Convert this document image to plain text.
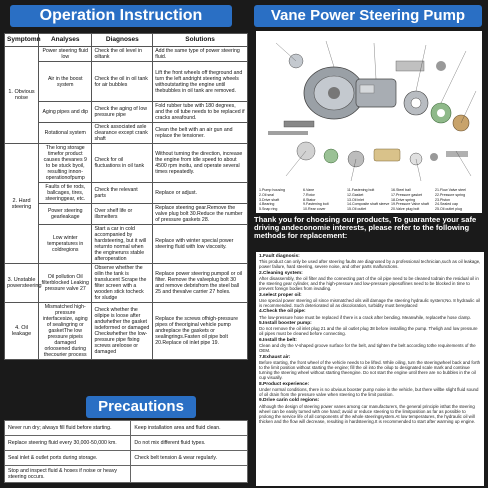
Operation Instruction	Vane Power Steering Pump
Symptomn	Analyses	Diagnoses	Solutions
1. Obvious noise	Power steering fluid low	Check the oil level in oiltank	Add the same type of power steering fluid.
	Air in the boost system	Check the oil in oil tank for air bubbles	Lift the front wheels off theground and turn the left andright steering wheels withoutstarting the engine until thebubbles in oil tank are removed.
	Aging pipes and dip	Check the aging of low pressure pipe	Fold rubber tube with 180 degrees, and the oil tube needs to be replaced if cracks areafound.
	Rotational system	Check associated axle clearance except crank shaft	Clean the belt with an air gun and replace the tensioner.
2. Hard steering	The long storage timefor product causes thevanes 9 to be stuck byoil, resulting innon-operationofpump	Check for oil fluctuations in oil tank	Without turning the direction, increase the engine from idle speed to about 4500 rpm inoitu, and operate several times repeatedly.
	Faults of tie rods, ballcages, tires, steeringgear, etc.	Check the relevant parts	Replace or adjust.
	Power steering gearleakage	Over shelf life or illsmelters	Replace steering gear.Remove the valve plug bolt 30.Reduce the number of pressure gaskets 28.
	Low winter temperatures in coldregions	Start a car in cold accompanied by hardsteering, but it will returnto normal when the engineruns stable afteroperation	Replace with winter special power steering fluid with low viscosity.
3. Unstable powersteering	Oil pollution Oil filterblocked Leaking pressure valve 27	Observe whether the oilin the tank is translucent Scrape the filter screen with a wooden stick tocheck for sludge	Replace power steering pumpoil or oil filter. Remove the valveplug bolt 30 and remove debrisfrom the steel ball 25 and thevalve carrier 27 holes.
4. Oil leakage	Mismatched high-pressure interfacesize, aging of sealingring or gasketThe low pressure pipeis damaged orloosened during thecourier process	Check whether the oilpipe is loose after andwhether the gasket isdeformed or damaged Checkwhether the low-pressure pipe fixing screws areloose or damaged	Replace the screws ofhigh-pressure pipes of theoriginal vehicle pump andreplace the gaskets or sealingrings.Fasten oil pipe bolt 20.Replace oil inlet pipe 19.
1.Pump housing	6.Vane	11.Fastening bolt	16.Steel ball	21.Flow Valve steel
2.Oil seal	7.Rotor	12.Gasket	17.Pressure gasket	22.Pressure spring
3.Drive shaft	8.Stator	13.Oil inlet	18.Drive spring	23.Piston
4.Bearing	9.Fastening bolt	14.Composite shaft sleeve 19.Pressure Valve shaft	24.Sealed cap
5.Snap ring	10.Rear cover	15.Oil outlet	20.Valve plug bolt	25.Oil outlet plug
Thank you for choosing our products, To guarantee your safe driving andeconomie interests, please refer to the following methods for replacement:
1.Fault diagnosis:
This product can only be used after steering faults are diagnosed by a professional technician,such as oil leakage, power failure, hard steering, severe noise, and other parts malfunctions.
2.Cleaning system:
After disassembly, the oil filter and the connecting part of the oil pipe need to be cleaned todrain the residual oil in the steering gear cylinder, and the high-pressure and low-pressure pipesoflines need to be blocked in time to prevent foreign bodies from invading.
3.select proper oil:
Use special power steering oil since mismatched oils will damage the steering hydraulic system;No. 8 hydraulic oil is recommended. Such deteriorated oil as discoloration, turbidity must bereplaced
4.Check the oil pipe:
The low-pressure hose must be replaced if there is a crack after bending. Meanwhile, replacethe hose clamp.
5.Install booster pump:
Do not remove the oil inlet plug 21 and the oil outlet plug 38 before installing the pump. Theligh and low pressure oil pipes must be cleaned before connecting.
6.Install the belt:
Clean and dry the V-shaped groove surface for the belt, and tighten the belt according tothe requirements of the OEM.
7.Exhaust air:
Before starting, the front wheel of the vehicle needs to be lifted. While oiling, turn the steeringwheel back and forth to the limit position without starting the engine; fill the oil into the oilup to designated scale mark and continue turning the steering wheel without starting theengine. Do not start the engine until there are no bubbles in the oil cup visually.
8.Product experience:
Under normal conditions, there is no obvious booster pump noise in the vehicle, but there willbe slight fluid sound of oil drain from the pressure valve when steering to the limit position.
9.Drive carin cold regions:
Although the design of steering power vanes among car manufacturers, the general principle isthat the steering wheel can be easily turned with one hand; avoid or reduce steering to the limitposition as far as possible to prolong the service life of all components of the whole steeringsystem.At low temperatures, the hydraulic oil will thicken and the flow will decrease, resulting in hardsteering.It is recommended to start after warming up engine.
Precautions
Never run dry; always fill fluid before starting.	Keep installation area and fluid clean.
Replace steering fluid every 30,000-50,000 km.	Do not mix different fluid types.
Seal inlet & outlet ports during storage.	Check belt tension & wear regularly.
Stop and inspect fluid & hoses if noise or heavy steering occurs.	
